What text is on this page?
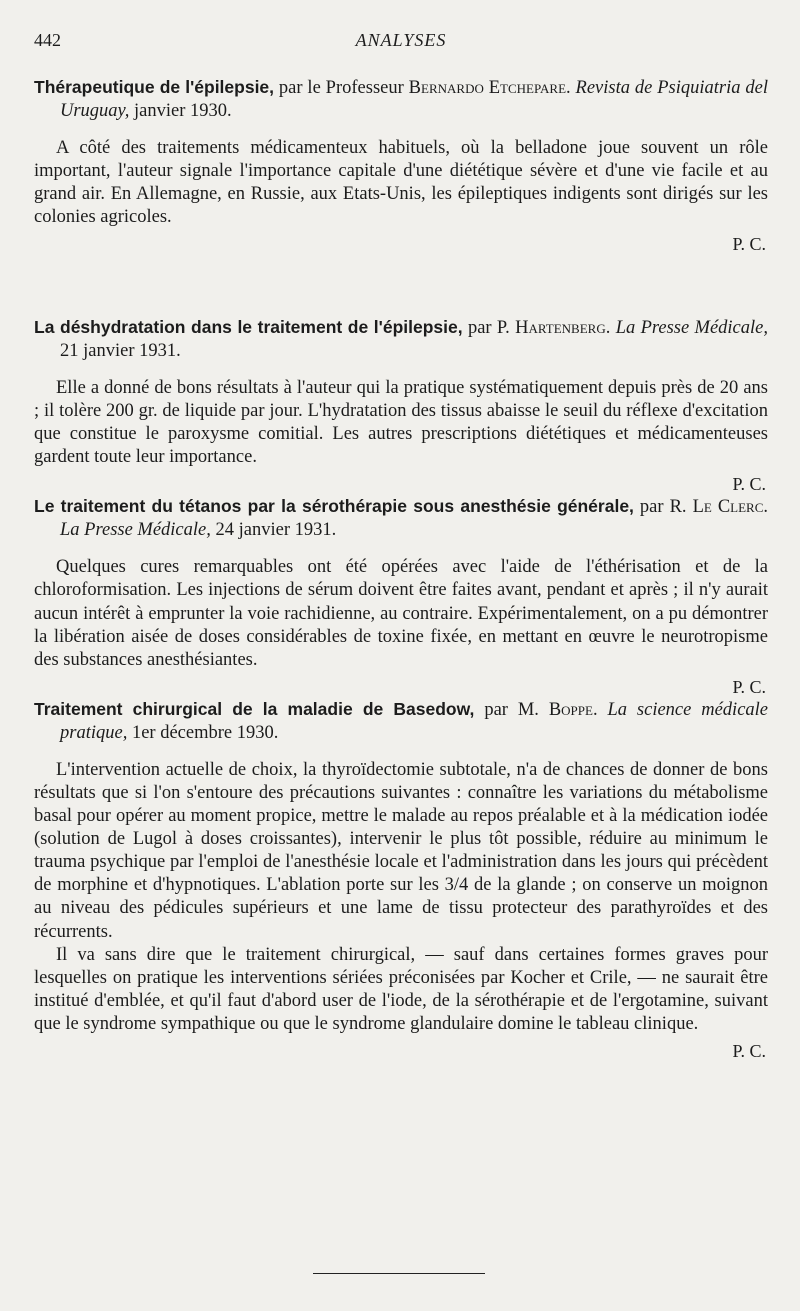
442	ANALYSES
Thérapeutique de l'épilepsie, par le Professeur Bernardo Etchepare. Revista de Psiquiatria del Uruguay, janvier 1930.

A côté des traitements médicamenteux habituels, où la belladone joue souvent un rôle important, l'auteur signale l'importance capitale d'une diététique sévère et d'une vie facile et au grand air. En Allemagne, en Russie, aux Etats-Unis, les épileptiques indigents sont dirigés sur les colonies agricoles.

P. C.
La déshydratation dans le traitement de l'épilepsie, par P. Hartenberg. La Presse Médicale, 21 janvier 1931.

Elle a donné de bons résultats à l'auteur qui la pratique systématiquement depuis près de 20 ans ; il tolère 200 gr. de liquide par jour. L'hydratation des tissus abaisse le seuil du réflexe d'excitation que constitue le paroxysme comitial. Les autres prescriptions diététiques et médicamenteuses gardent toute leur importance.

P. C.
Le traitement du tétanos par la sérothérapie sous anesthésie générale, par R. Le Clerc. La Presse Médicale, 24 janvier 1931.

Quelques cures remarquables ont été opérées avec l'aide de l'éthérisation et de la chloroformisation. Les injections de sérum doivent être faites avant, pendant et après ; il n'y aurait aucun intérêt à emprunter la voie rachidienne, au contraire. Expérimentalement, on a pu démontrer la libération aisée de doses considérables de toxine fixée, en mettant en œuvre le neurotropisme des substances anesthésiantes.

P. C.
Traitement chirurgical de la maladie de Basedow, par M. Boppe. La science médicale pratique, 1er décembre 1930.

L'intervention actuelle de choix, la thyroïdectomie subtotale, n'a de chances de donner de bons résultats que si l'on s'entoure des précautions suivantes : connaître les variations du métabolisme basal pour opérer au moment propice, mettre le malade au repos préalable et à la médication iodée (solution de Lugol à doses croissantes), intervenir le plus tôt possible, réduire au minimum le trauma psychique par l'emploi de l'anesthésie locale et l'administration dans les jours qui précèdent de morphine et d'hypnotiques. L'ablation porte sur les 3/4 de la glande ; on conserve un moignon au niveau des pédicules supérieurs et une lame de tissu protecteur des parathyroïdes et des récurrents.

Il va sans dire que le traitement chirurgical, — sauf dans certaines formes graves pour lesquelles on pratique les interventions sériées préconisées par Kocher et Crile, — ne saurait être institué d'emblée, et qu'il faut d'abord user de l'iode, de la sérothérapie et de l'ergotamine, suivant que le syndrome sympathique ou que le syndrome glandulaire domine le tableau clinique.

P. C.
